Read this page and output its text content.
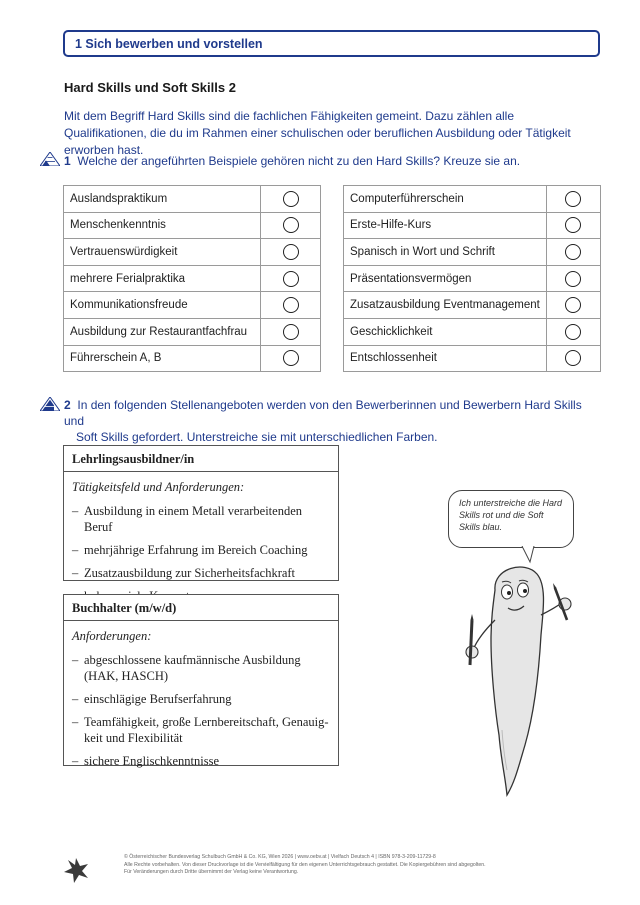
1 Sich bewerben und vorstellen
Hard Skills und Soft Skills 2
Mit dem Begriff Hard Skills sind die fachlichen Fähigkeiten gemeint. Dazu zählen alle Qualifikationen, die du im Rahmen einer schulischen oder beruflichen Ausbildung oder Tätigkeit erworben hast.
1 Welche der angeführten Beispiele gehören nicht zu den Hard Skills? Kreuze sie an.
Auslandspraktikum	
Menschenkenntnis	
Vertrauenswürdigkeit	
mehrere Ferialpraktika	
Kommunikationsfreude	
Ausbildung zur Restaurantfachfrau	
Führerschein A, B	
Computerführerschein	
Erste-Hilfe-Kurs	
Spanisch in Wort und Schrift	
Präsentationsvermögen	
Zusatzausbildung Eventmanagement	
Geschicklichkeit	
Entschlossenheit	
2 In den folgenden Stellenangeboten werden von den Bewerberinnen und Bewerbern Hard Skills und
Soft Skills gefordert. Unterstreiche sie mit unterschiedlichen Farben.
Lehrlingsausbildner/in
Tätigkeitsfeld und Anforderungen:
– Ausbildung in einem Metall verarbeitenden Beruf
– mehrjährige Erfahrung im Bereich Coaching
– Zusatzausbildung zur Sicherheitsfachkraft
–
Buchhalter (m/w/d)
Anforderungen:
– abgeschlossene kaufmännische Ausbildung (HAK, HASCH)
– einschlägige Berufserfahrung
– Teamfähigkeit, große Lernbereitschaft, Genauigkeit und Flexibilität
– sichere Englischkenntnisse
Ich unterstreiche die Hard Skills rot und die Soft Skills blau.
© Österreichischer Bundesverlag Schulbuch GmbH & Co. KG, Wien 2026 | www.oebv.at | Vielfach Deutsch 4 | ISBN 978-3-209-11729-8
Alle Rechte vorbehalten. Von dieser Druckvorlage ist die Vervielfältigung für den eigenen Unterrichtsgebrauch gestattet. Die Kopiergebühren sind abgegolten.
Für Veränderungen durch Dritte übernimmt der Verlag keine Verantwortung.
